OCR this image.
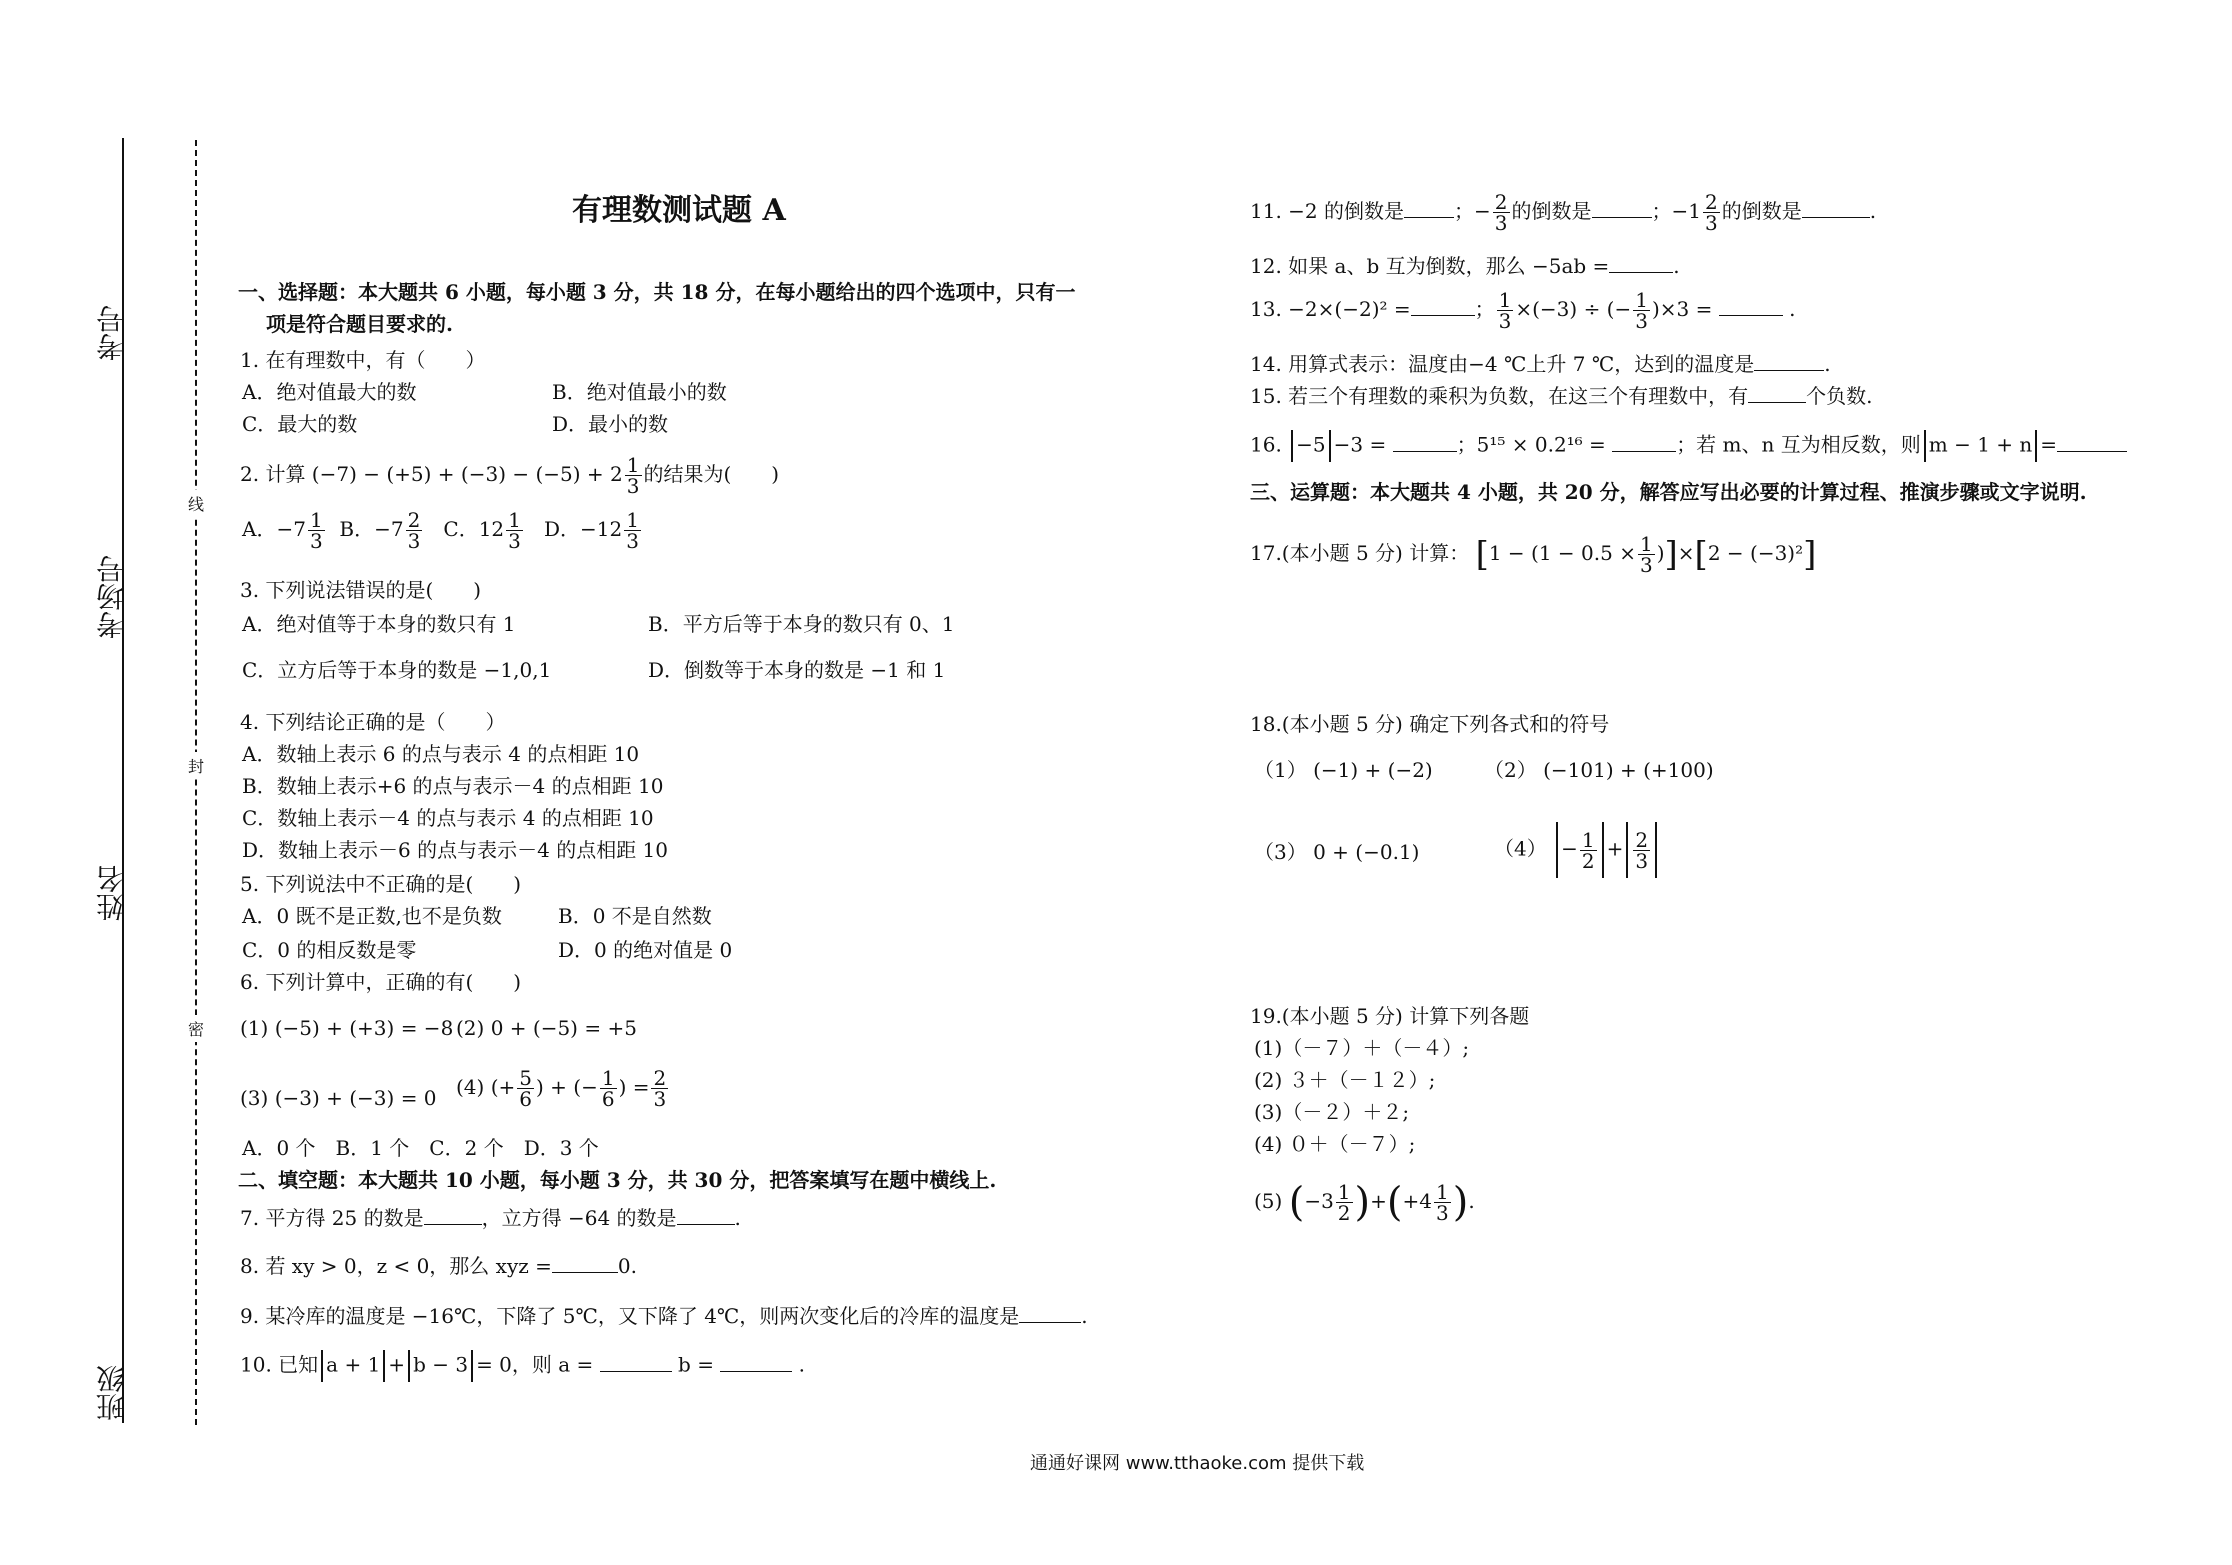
考号
考场号
姓名
班级
线
封
密
有理数测试题 A
一、选择题：本大题共 6 小题，每小题 3 分，共 18 分，在每小题给出的四个选项中，只有一
项是符合题目要求的.
1. 在有理数中，有（　　）
A．绝对值最大的数	B．绝对值最小的数
C．最大的数	D．最小的数
2. 计算 $(-7) - (+5) + (-3) - (-5) + 2 \frac{1}{3}$ 的结果为(　　)
A．$-7 \frac{1}{3}$ B．$-7 \frac{2}{3}$ C．$12 \frac{1}{3}$ D．$-12 \frac{1}{3}$
3. 下列说法错误的是(　　)
A．绝对值等于本身的数只有 1	B．平方后等于本身的数只有 0、1
C．立方后等于本身的数是 −1,0,1	D．倒数等于本身的数是 −1 和 1
4. 下列结论正确的是（　　）
A．数轴上表示 6 的点与表示 4 的点相距 10
B．数轴上表示+6 的点与表示－4 的点相距 10
C．数轴上表示－4 的点与表示 4 的点相距 10
D．数轴上表示－6 的点与表示－4 的点相距 10
5. 下列说法中不正确的是(　　)
A．0 既不是正数,也不是负数	B．0 不是自然数
C．0 的相反数是零	D．0 的绝对值是 0
6. 下列计算中，正确的有(　　)
(1) (−5) + (+3) = −8 (2) 0 + (−5) = +5
(3) (−3) + (−3) = 0 (4) (+ $\frac{5}{6}$ ) + (− $\frac{1}{6}$ ) = $\frac{2}{3}$
A．0 个　B．1 个　C．2 个　D．3 个
二、填空题：本大题共 10 小题，每小题 3 分，共 30 分，把答案填写在题中横线上.
7. 平方得 25 的数是	，立方得 −64 的数是	.
8. 若 xy > 0，z < 0，那么 xyz =	0.
9. 某冷库的温度是 −16℃，下降了 5℃，又下降了 4℃，则两次变化后的冷库的温度是	.
10. 已知 a + 1 + b − 3 = 0，则 a =	b =	.
11. −2 的倒数是	；− $\frac{2}{3}$ 的倒数是	；$-1 \frac{2}{3}$ 的倒数是	.
12. 如果 a、b 互为倒数，那么 −5ab =	.
13. −2×(−2)² =	； $\frac{1}{3} \times(-3)$ ÷ (− $\frac{1}{3} )\times 3$ =	.
14. 用算式表示：温度由−4 ℃上升 7 ℃，达到的温度是	.
15. 若三个有理数的乘积为负数，在这三个有理数中，有	个负数.
16. −5 −3 =	；5¹⁵ × 0.2¹⁶ =	；若 m、n 互为相反数，则 m − 1 + n =
三、运算题：本大题共 4 小题，共 20 分，解答应写出必要的计算过程、推演步骤或文字说明.
17.(本小题 5 分) 计算： $[1 - (1 - 0.5 \times \frac{1}{3} )]\times[2 - (-3)^2]$
18.(本小题 5 分) 确定下列各式和的符号
（1） (−1) + (−2)	（2） (−101) + (+100)
（3） 0 + (−0.1)	$(4) - \frac{1}{2} + \frac{2}{3}$
19.(本小题 5 分) 计算下列各题
(1)（－７）＋（－４）;
(2) ３＋（－１２）;
(3)（－２）＋２;
(4) ０＋（－７）;
(5) $(-3 \frac{1}{2} )+(+4 \frac{1}{3}$ ).
通通好课网 www.tthaoke.com 提供下载
